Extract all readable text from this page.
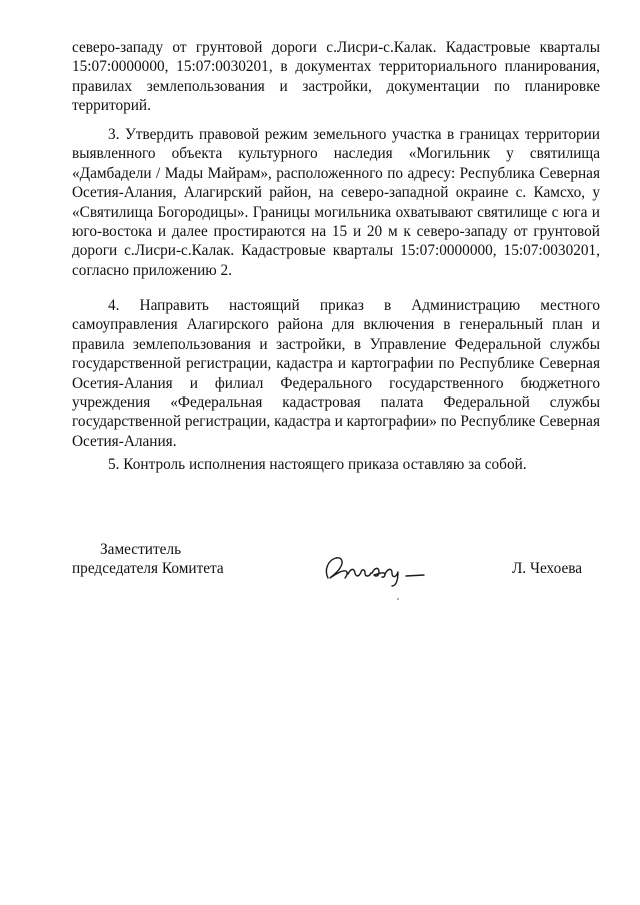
северо-западу от грунтовой дороги с.Лисри-с.Калак. Кадастровые кварталы 15:07:0000000, 15:07:0030201, в документах территориального планирования, правилах землепользования и застройки, документации по планировке территорий.

3. Утвердить правовой режим земельного участка в границах территории выявленного объекта культурного наследия «Могильник у святилища «Дамбадели / Мады Майрам», расположенного по адресу: Республика Северная Осетия-Алания, Алагирский район, на северо-западной окраине с. Камсхо, у «Святилища Богородицы». Границы могильника охватывают святилище с юга и юго-востока и далее простираются на 15 и 20 м к северо-западу от грунтовой дороги с.Лисри-с.Калак. Кадастровые кварталы 15:07:0000000, 15:07:0030201, согласно приложению 2.

4. Направить настоящий приказ в Администрацию местного самоуправления Алагирского района для включения в генеральный план и правила землепользования и застройки, в Управление Федеральной службы государственной регистрации, кадастра и картографии по Республике Северная Осетия-Алания и филиал Федерального государственного бюджетного учреждения «Федеральная кадастровая палата Федеральной службы государственной регистрации, кадастра и картографии» по Республике Северная Осетия-Алания.

5. Контроль исполнения настоящего приказа оставляю за собой.

Заместитель
председателя Комитета	Л. Чехоева
